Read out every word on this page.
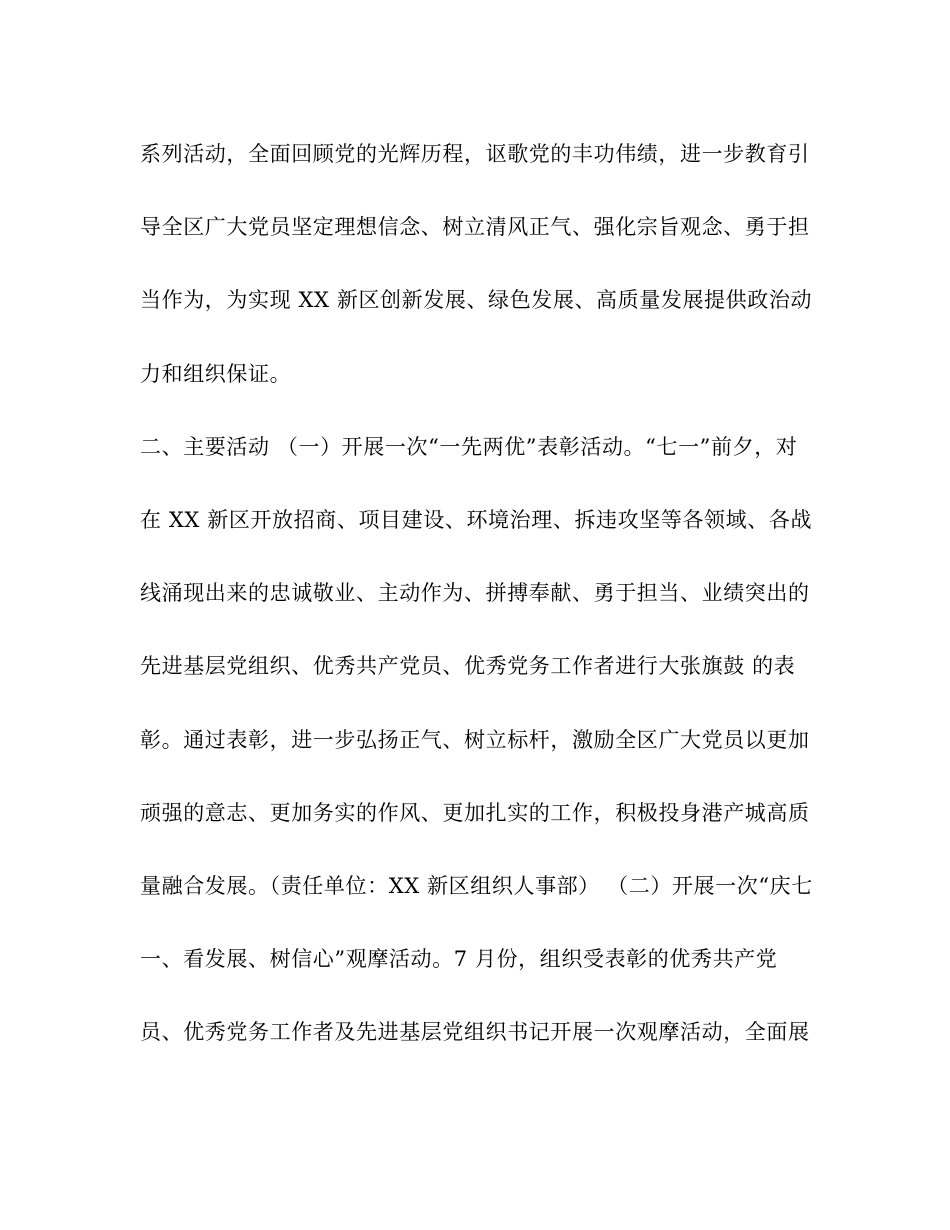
系列活动，全面回顾党的光辉历程，讴歌党的丰功伟绩，进一步教育引
导全区广大党员坚定理想信念、树立清风正气、强化宗旨观念、勇于担
当作为，为实现 XX 新区创新发展、绿色发展、高质量发展提供政治动
力和组织保证。
二、主要活动 （一）开展一次“一先两优”表彰活动。“七一”前夕，对
在 XX 新区开放招商、项目建设、环境治理、拆违攻坚等各领域、各战
线涌现出来的忠诚敬业、主动作为、拼搏奉献、勇于担当、业绩突出的
先进基层党组织、优秀共产党员、优秀党务工作者进行大张旗鼓 的表
彰。通过表彰，进一步弘扬正气、树立标杆，激励全区广大党员以更加
顽强的意志、更加务实的作风、更加扎实的工作，积极投身港产城高质
量融合发展。（责任单位：XX 新区组织人事部） （二）开展一次“庆七
一、看发展、树信心”观摩活动。7 月份，组织受表彰的优秀共产党
员、优秀党务工作者及先进基层党组织书记开展一次观摩活动，全面展
